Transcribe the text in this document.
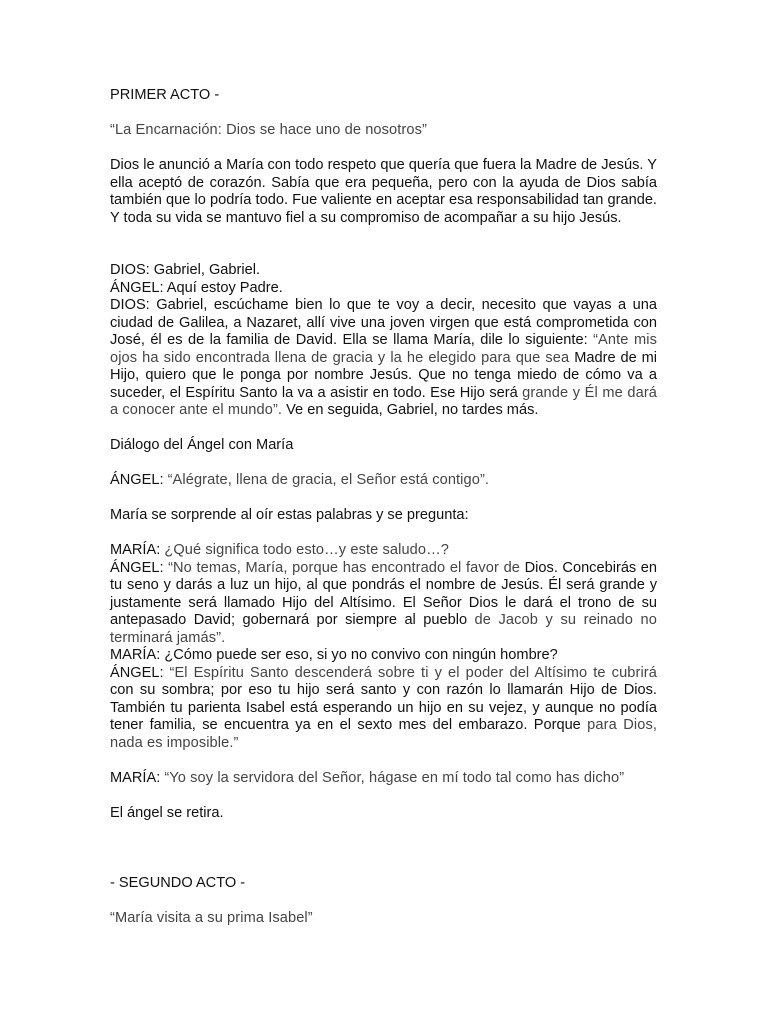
PRIMER ACTO -

“La Encarnación: Dios se hace uno de nosotros”

Dios le anunció a María con todo respeto que quería que fuera la Madre de Jesús. Y ella aceptó de corazón. Sabía que era pequeña, pero con la ayuda de Dios sabía también que lo podría todo. Fue valiente en aceptar esa responsabilidad tan grande. Y toda su vida se mantuvo fiel a su compromiso de acompañar a su hijo Jesús.

DIOS: Gabriel, Gabriel.

ÁNGEL: Aquí estoy Padre.

DIOS: Gabriel, escúchame bien lo que te voy a decir, necesito que vayas a una ciudad de Galilea, a Nazaret, allí vive una joven virgen que está comprometida con José, él es de la familia de David. Ella se llama María, dile lo siguiente: “Ante mis ojos ha sido encontrada llena de gracia y la he elegido para que sea Madre de mi Hijo, quiero que le ponga por nombre Jesús. Que no tenga miedo de cómo va a suceder, el Espíritu Santo la va a asistir en todo. Ese Hijo será grande y Él me dará a conocer ante el mundo”. Ve en seguida, Gabriel, no tardes más.

Diálogo del Ángel con María

ÁNGEL: “Alégrate, llena de gracia, el Señor está contigo”.

María se sorprende al oír estas palabras y se pregunta:

MARÍA: ¿Qué significa todo esto…y este saludo…?

ÁNGEL: “No temas, María, porque has encontrado el favor de Dios. Concebirás en tu seno y darás a luz un hijo, al que pondrás el nombre de Jesús. Él será grande y justamente será llamado Hijo del Altísimo. El Señor Dios le dará el trono de su antepasado David; gobernará por siempre al pueblo de Jacob y su reinado no terminará jamás”.

MARÍA: ¿Cómo puede ser eso, si yo no convivo con ningún hombre?

ÁNGEL: “El Espíritu Santo descenderá sobre ti y el poder del Altísimo te cubrirá con su sombra; por eso tu hijo será santo y con razón lo llamarán Hijo de Dios. También tu parienta Isabel está esperando un hijo en su vejez, y aunque no podía tener familia, se encuentra ya en el sexto mes del embarazo. Porque para Dios, nada es imposible.”

MARÍA: “Yo soy la servidora del Señor, hágase en mí todo tal como has dicho”

El ángel se retira.

- SEGUNDO ACTO -

“María visita a su prima Isabel”
